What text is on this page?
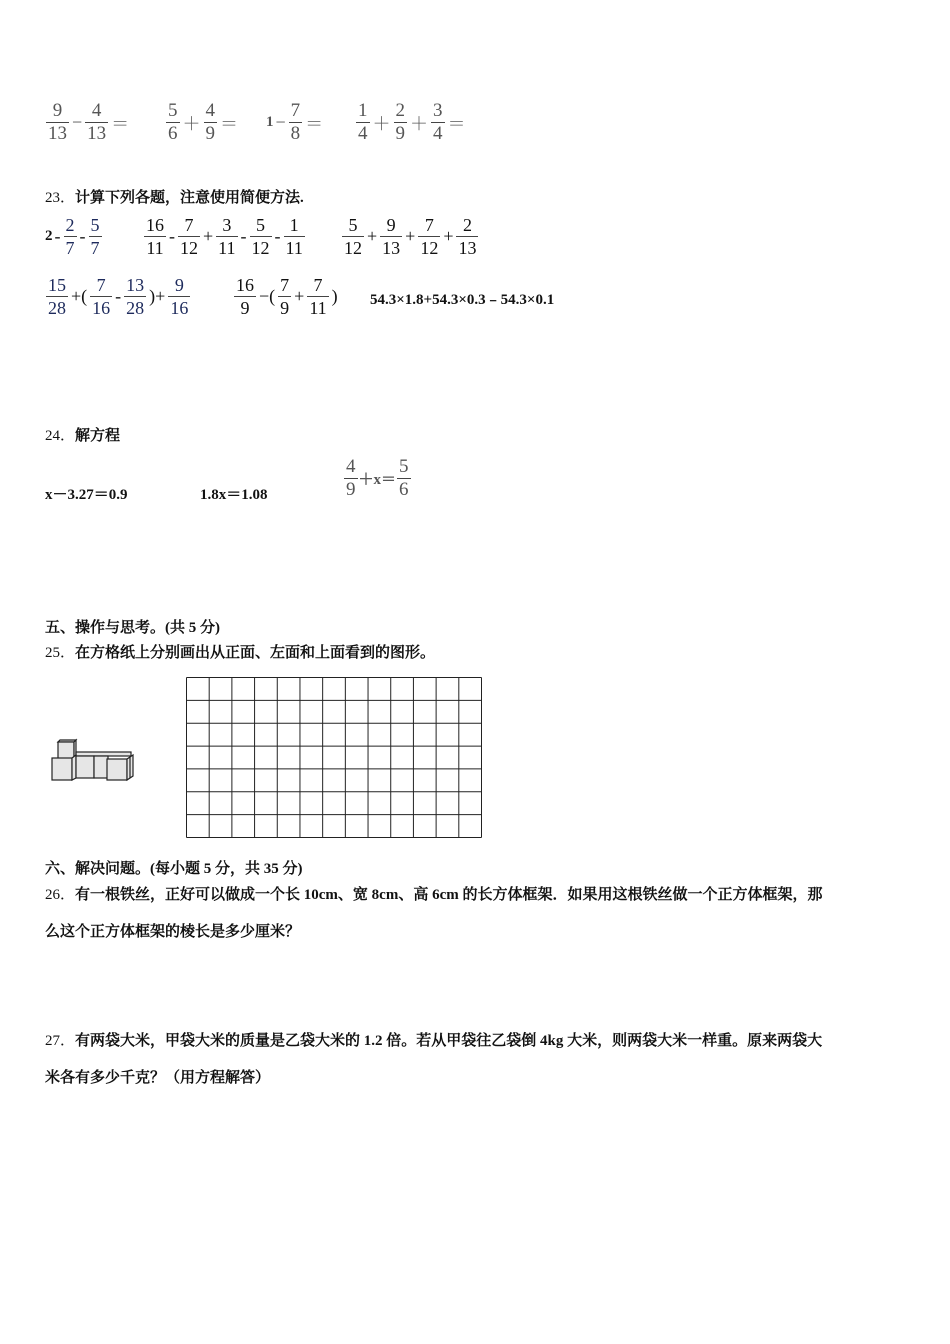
$\frac{9}{13} - \frac{4}{13} = \frac{5}{6} + \frac{4}{9} = 1 - \frac{7}{8} = \frac{1}{4} + \frac{2}{9} + \frac{3}{4}$ ＝
23．计算下列各题，注意使用简便方法.
$2 - \frac{2}{7} - \frac{5}{7} \frac{16}{11} - \frac{7}{12} + \frac{3}{11} - \frac{5}{12} - \frac{1}{11} \frac{5}{12} + \frac{9}{13} + \frac{7}{12} + \frac{2}{13}$
$\frac{15}{28}$ +( $\frac{7}{16} - \frac{13}{28}$ )+ $\frac{9}{16} \frac{16}{9}$ −( $\frac{7}{9} + \frac{7}{11}$ ) 54.3×1.8+54.3×0.3﹣54.3×0.1
24．解方程
x－3.27＝0.9	1.8x＝1.08	$\frac{4}{9} +x= \frac{5}{6}$
五、操作与思考。(共 5 分)
25．在方格纸上分别画出从正面、左面和上面看到的图形。
六、解决问题。(每小题 5 分，共 35 分)
26．有一根铁丝，正好可以做成一个长 10cm、宽 8cm、高 6cm 的长方体框架．如果用这根铁丝做一个正方体框架，那
么这个正方体框架的棱长是多少厘米？
27．有两袋大米，甲袋大米的质量是乙袋大米的 1.2 倍。若从甲袋往乙袋倒 4kg 大米，则两袋大米一样重。原来两袋大
米各有多少千克？（用方程解答）
